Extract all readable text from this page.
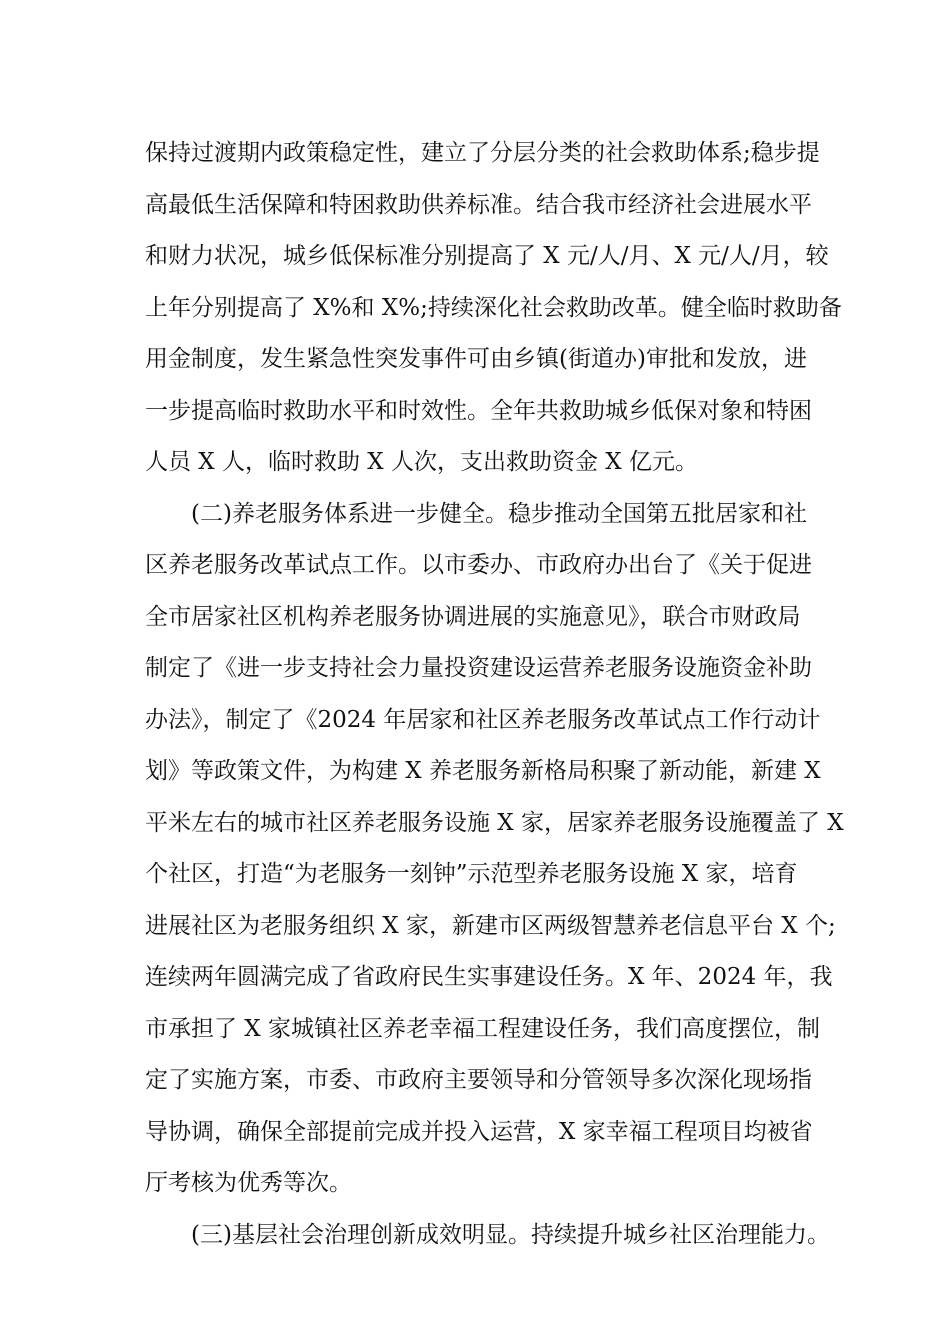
保持过渡期内政策稳定性，建立了分层分类的社会救助体系;稳步提
高最低生活保障和特困救助供养标准。结合我市经济社会进展水平
和财力状况，城乡低保标准分别提高了 X 元/人/月、X 元/人/月，较
上年分别提高了 X%和 X%;持续深化社会救助改革。健全临时救助备
用金制度，发生紧急性突发事件可由乡镇(街道办)审批和发放，进
一步提高临时救助水平和时效性。全年共救助城乡低保对象和特困
人员 X 人，临时救助 X 人次，支出救助资金 X 亿元。
(二)养老服务体系进一步健全。稳步推动全国第五批居家和社
区养老服务改革试点工作。以市委办、市政府办出台了《关于促进
全市居家社区机构养老服务协调进展的实施意见》，联合市财政局
制定了《进一步支持社会力量投资建设运营养老服务设施资金补助
办法》，制定了《2024 年居家和社区养老服务改革试点工作行动计
划》等政策文件，为构建 X 养老服务新格局积聚了新动能，新建 X
平米左右的城市社区养老服务设施 X 家，居家养老服务设施覆盖了 X
个社区，打造“为老服务一刻钟”示范型养老服务设施 X 家，培育
进展社区为老服务组织 X 家，新建市区两级智慧养老信息平台 X 个;
连续两年圆满完成了省政府民生实事建设任务。X 年、2024 年，我
市承担了 X 家城镇社区养老幸福工程建设任务，我们高度摆位，制
定了实施方案，市委、市政府主要领导和分管领导多次深化现场指
导协调，确保全部提前完成并投入运营，X 家幸福工程项目均被省
厅考核为优秀等次。
(三)基层社会治理创新成效明显。持续提升城乡社区治理能力。
